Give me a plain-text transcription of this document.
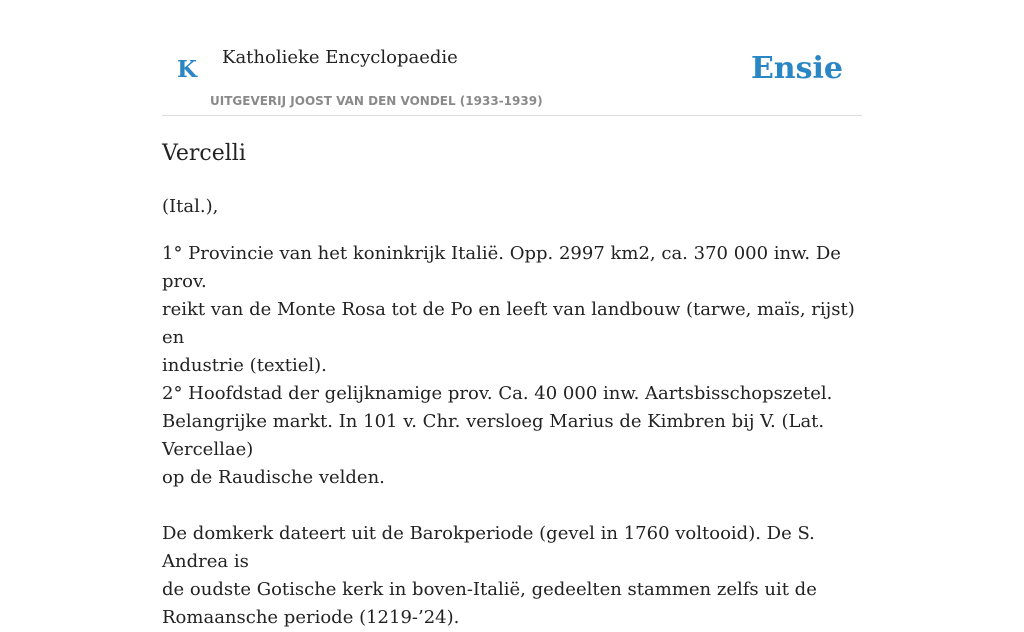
K Katholieke Encyclopaedie
UITGEVERIJ JOOST VAN DEN VONDEL (1933-1939)
Ensie
Vercelli

(Ital.),

1° Provincie van het koninkrijk Italië. Opp. 2997 km2, ca. 370 000 inw. De prov.
reikt van de Monte Rosa tot de Po en leeft van landbouw (tarwe, maïs, rijst) en
industrie (textiel).
2° Hoofdstad der gelijknamige prov. Ca. 40 000 inw. Aartsbisschopszetel.
Belangrijke markt. In 101 v. Chr. versloeg Marius de Kimbren bij V. (Lat. Vercellae)
op de Raudische velden.
De domkerk dateert uit de Barokperiode (gevel in 1760 voltooid). De S. Andrea is
de oudste Gotische kerk in boven-Italië, gedeelten stammen zelfs uit de
Romaansche periode (1219-’24).
